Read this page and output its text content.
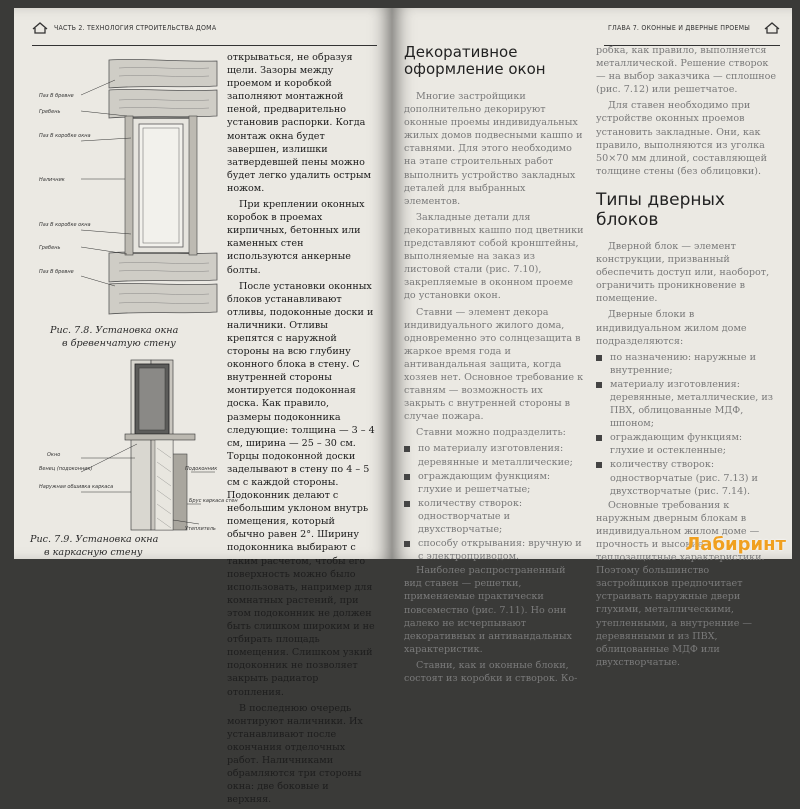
ЧАСТЬ 2. ТЕХНОЛОГИЯ СТРОИТЕЛЬСТВА ДОМА
Паз В бревне
Гребень
Паз В коробке окна
Наличник
Паз В коробке окна
Гребень
Паз В бревне
Рис. 7.8. Установка окна
в бревенчатую стену
Окно
Венец (подоконник)
Наружная обшивка каркаса
Подоконник
Брус каркаса стен
Утеплитель
Рис. 7.9. Установка окна
в каркасную стену

открываться, не образуя щели. Зазоры между проемом и коробкой заполняют монтажной пеной, предварительно установив распорки. Когда монтаж окна будет завершен, излишки затвердевшей пены можно будет легко удалить острым ножом.

При креплении оконных коробок в проемах кирпичных, бетонных или каменных стен используются анкерные болты.

После установки оконных блоков устанавливают отливы, подоконные доски и наличники. Отливы крепятся с наружной стороны на всю глубину оконного блока в стену. С внутренней стороны монтируется подоконная доска. Как правило, размеры подоконника следующие: толщина — 3 – 4 см, ширина — 25 – 30 см. Торцы подоконной доски заделывают в стену по 4 – 5 см с каждой стороны. Подоконник делают с небольшим уклоном внутрь помещения, который обычно равен 2°. Ширину подоконника выбирают с таким расчетом, чтобы его поверхность можно было использовать, например для комнатных растений, при этом подоконник не должен быть слишком широким и не отбирать площадь помещения. Слишком узкий подоконник не позволяет закрыть радиатор отопления.

В последнюю очередь монтируют наличники. Их устанавливают после окончания отделочных работ. Наличниками обрамляются три стороны окна: две боковые и верхняя.

ГЛАВА 7. ОКОННЫЕ И ДВЕРНЫЕ ПРОЕМЫ
Декоративное оформление окон

Многие застройщики дополнительно декорируют оконные проемы индивидуальных жилых домов подвесными кашпо и ставнями. Для этого необходимо на этапе строительных работ выполнить устройство закладных деталей для выбранных элементов.

Закладные детали для декоративных кашпо под цветники представляют собой кронштейны, выполняемые на заказ из листовой стали (рис. 7.10), закрепляемые в оконном проеме до установки окон.

Ставни — элемент декора индивидуального жилого дома, одновременно это солнцезащита в жаркое время года и антивандальная защита, когда хозяев нет. Основное требование к ставням — возможность их закрыть с внутренней стороны в случае пожара.

Ставни можно подразделить:

по материалу изготовления: деревянные и металлические;
ограждающим функциям: глухие и решетчатые;
количеству створок: одностворчатые и двухстворчатые;
способу открывания: вручную и с электроприводом.

Наиболее распространенный вид ставен — решетки, применяемые практически повсеместно (рис. 7.11). Но они далеко не исчерпывают декоративных и антивандальных характеристик.

Ставни, как и оконные блоки, состоят из коробки и створок. Ко-

робка, как правило, выполняется металлической. Решение створок — на выбор заказчика — сплошное (рис. 7.12) или решетчатое.

Для ставен необходимо при устройстве оконных проемов установить закладные. Они, как правило, выполняются из уголка 50×70 мм длиной, составляющей толщине стены (без облицовки).

Типы дверных блоков

Дверной блок — элемент конструкции, призванный обеспечить доступ или, наоборот, ограничить проникновение в помещение.

Дверные блоки в индивидуальном жилом доме подразделяются:

по назначению: наружные и внутренние;
материалу изготовления: деревянные, металлические, из ПВХ, облицованные МДФ, шпоном;
ограждающим функциям: глухие и остекленные;
количеству створок: одностворчатые (рис. 7.13) и двухстворчатые (рис. 7.14).

Основные требования к наружным дверным блокам в индивидуальном жилом доме — прочность и высокие теплозащитные характеристики. Поэтому большинство застройщиков предпочитает устраивать наружные двери глухими, металлическими, утепленными, а внутренние — деревянными и из ПВХ, облицованные МДФ или двухстворчатые.

Лабиринт
